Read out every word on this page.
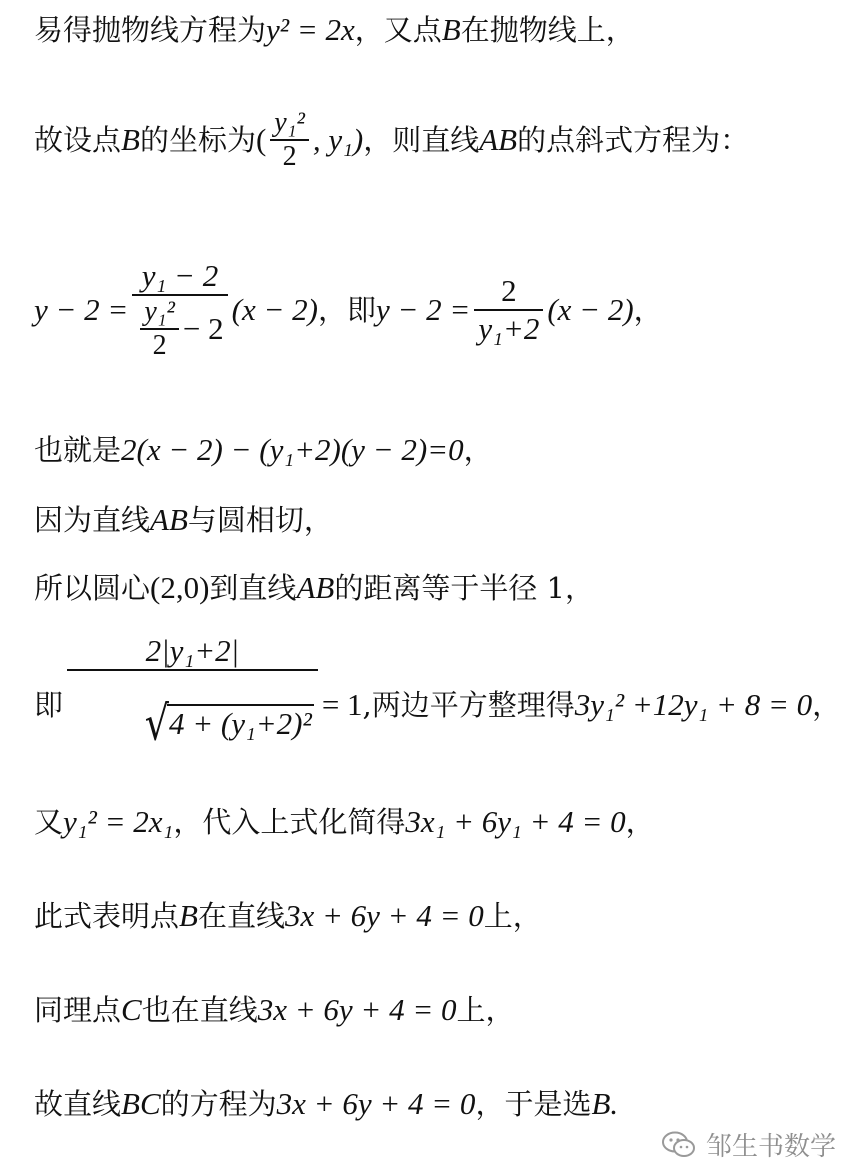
易得抛物线方程为 y² = 2x ，又点 B 在抛物线上，
故设点 B 的坐标为 ( $\frac{\text{y₁²}}{2}$ , y₁) ，则直线 AB 的点斜式方程为：
$y - 2 = \frac{\text{y₁ − 2}}{\frac{\text{y₁²}}{2} - 2} (x - 2)$ ，即 $y - 2 = \frac{2}{\text{y₁+2}} (x - 2)$ ，
也就是 2(x − 2) − (y₁+2)(y − 2)=0 ，
因为直线 AB 与圆相切，
所以圆心 (2,0) 到直线 AB 的距离等于半径 1，
即 $\frac{\text{2|y₁+2|}}{\text{√ 4 + (y₁+2)²}}$

= 1 ,两边平方整理得 3y₁² +12y₁ + 8 = 0 ，
又 y₁² = 2x₁ ，代入上式化简得 3x₁ + 6y₁ + 4 = 0 ，
此式表明点 B 在直线 3x + 6y + 4 = 0 上，
同理点 C 也在直线 3x + 6y + 4 = 0 上，
故直线 BC 的方程为 3x + 6y + 4 = 0 ，于是选 B.
邹生书数学
